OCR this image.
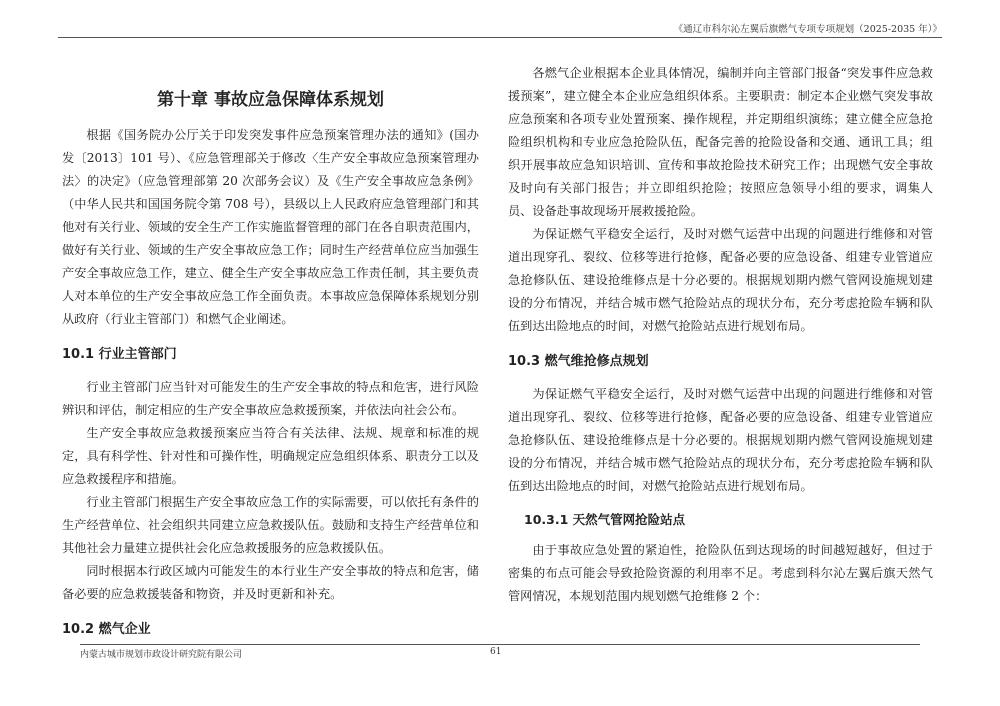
《通辽市科尔沁左翼后旗燃气专项专项规划（2025-2035 年）》
第十章 事故应急保障体系规划

根据《国务院办公厅关于印发突发事件应急预案管理办法的通知》(国办发〔2013〕101 号）、《应急管理部关于修改〈生产安全事故应急预案管理办法〉的决定》（应急管理部第 20 次部务会议）及《生产安全事故应急条例》（中华人民共和国国务院令第 708 号），县级以上人民政府应急管理部门和其他对有关行业、领域的安全生产工作实施监督管理的部门在各自职责范围内，做好有关行业、领域的生产安全事故应急工作；同时生产经营单位应当加强生产安全事故应急工作，建立、健全生产安全事故应急工作责任制，其主要负责人对本单位的生产安全事故应急工作全面负责。本事故应急保障体系规划分别从政府（行业主管部门）和燃气企业阐述。

10.1 行业主管部门

行业主管部门应当针对可能发生的生产安全事故的特点和危害，进行风险辨识和评估，制定相应的生产安全事故应急救援预案，并依法向社会公布。

生产安全事故应急救援预案应当符合有关法律、法规、规章和标准的规定，具有科学性、针对性和可操作性，明确规定应急组织体系、职责分工以及应急救援程序和措施。

行业主管部门根据生产安全事故应急工作的实际需要，可以依托有条件的生产经营单位、社会组织共同建立应急救援队伍。鼓励和支持生产经营单位和其他社会力量建立提供社会化应急救援服务的应急救援队伍。

同时根据本行政区域内可能发生的本行业生产安全事故的特点和危害，储备必要的应急救援装备和物资，并及时更新和补充。

10.2 燃气企业

各燃气企业根据本企业具体情况，编制并向主管部门报备“突发事件应急救援预案”，建立健全本企业应急组织体系。主要职责：制定本企业燃气突发事故应急预案和各项专业处置预案、操作规程，并定期组织演练；建立健全应急抢险组织机构和专业应急抢险队伍，配备完善的抢险设备和交通、通讯工具；组织开展事故应急知识培训、宣传和事故抢险技术研究工作；出现燃气安全事故及时向有关部门报告；并立即组织抢险；按照应急领导小组的要求，调集人员、设备赴事故现场开展救援抢险。

为保证燃气平稳安全运行，及时对燃气运营中出现的问题进行维修和对管道出现穿孔、裂纹、位移等进行抢修，配备必要的应急设备、组建专业管道应急抢修队伍、建设抢维修点是十分必要的。根据规划期内燃气管网设施规划建设的分布情况，并结合城市燃气抢险站点的现状分布，充分考虑抢险车辆和队伍到达出险地点的时间，对燃气抢险站点进行规划布局。

10.3 燃气维抢修点规划

为保证燃气平稳安全运行，及时对燃气运营中出现的问题进行维修和对管道出现穿孔、裂纹、位移等进行抢修，配备必要的应急设备、组建专业管道应急抢修队伍、建设抢维修点是十分必要的。根据规划期内燃气管网设施规划建设的分布情况，并结合城市燃气抢险站点的现状分布，充分考虑抢险车辆和队伍到达出险地点的时间，对燃气抢险站点进行规划布局。

10.3.1 天然气管网抢险站点

由于事故应急处置的紧迫性，抢险队伍到达现场的时间越短越好，但过于密集的布点可能会导致抢险资源的利用率不足。考虑到科尔沁左翼后旗天然气管网情况，本规划范围内规划燃气抢维修 2 个：

内蒙古城市规划市政设计研究院有限公司	61
